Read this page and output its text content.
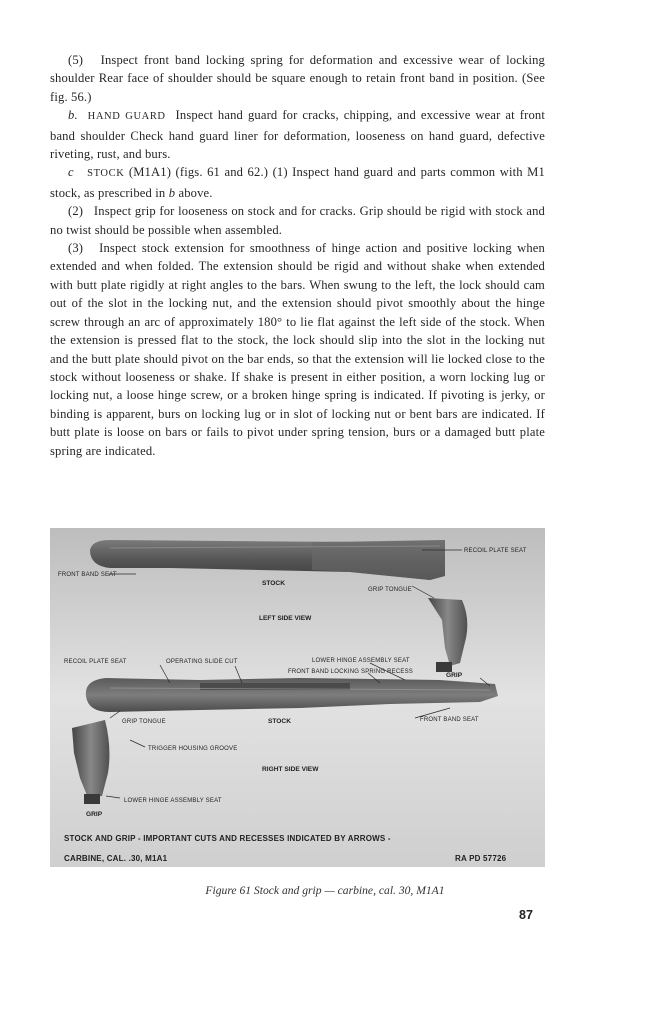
(5) Inspect front band locking spring for deformation and excessive wear of locking shoulder Rear face of shoulder should be square enough to retain front band in position. (See fig. 56.)

b. HAND GUARD Inspect hand guard for cracks, chipping, and excessive wear at front band shoulder Check hand guard liner for deformation, looseness on hand guard, defective riveting, rust, and burs.

c STOCK (M1A1) (figs. 61 and 62.) (1) Inspect hand guard and parts common with M1 stock, as prescribed in b above.

(2) Inspect grip for looseness on stock and for cracks. Grip should be rigid with stock and no twist should be possible when assembled.

(3) Inspect stock extension for smoothness of hinge action and positive locking when extended and when folded. The extension should be rigid and without shake when extended with butt plate rigidly at right angles to the bars. When swung to the left, the lock should cam out of the slot in the locking nut, and the extension should pivot smoothly about the hinge screw through an arc of approximately 180° to lie flat against the left side of the stock. When the extension is pressed flat to the stock, the lock should slip into the slot in the locking nut and the butt plate should pivot on the bar ends, so that the extension will lie locked close to the stock without looseness or shake. If shake is present in either position, a worn locking lug or locking nut, a loose hinge screw, or a broken hinge spring is indicated. If pivoting is jerky, or binding is apparent, burs on locking lug or in slot of locking nut or bent bars are indicated. If butt plate is loose on bars or fails to pivot under spring tension, burs or a damaged butt plate spring are indicated.

RECOIL PLATE SEAT
FRONT BAND SEAT
STOCK
GRIP TONGUE
LEFT SIDE VIEW
RECOIL PLATE SEAT	OPERATING SLIDE CUT	LOWER HINGE ASSEMBLY SEAT
FRONT BAND LOCKING SPRING RECESS	GRIP
GRIP TONGUE	STOCK	FRONT BAND SEAT
TRIGGER HOUSING GROOVE
RIGHT SIDE VIEW
LOWER HINGE ASSEMBLY SEAT
GRIP
STOCK AND GRIP - IMPORTANT CUTS AND RECESSES INDICATED BY ARROWS -
CARBINE, CAL. .30, M1A1	RA PD 57726
Figure 61 Stock and grip — carbine, cal. 30, M1A1
87
